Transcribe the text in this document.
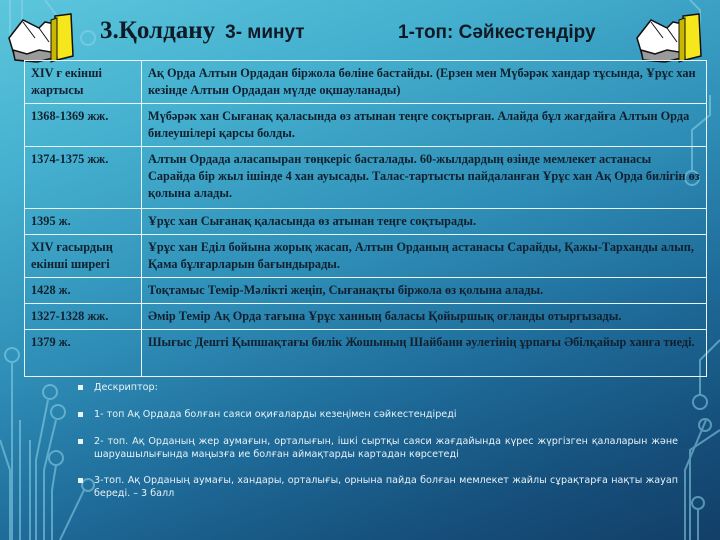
3.Қолдану 3- минут	1-топ: Сәйкестендіру
XIV ғ екінші жартысы	Ақ Орда Алтын Ордадан біржола бөліне бастайды. (Ерзен мен Мүбәрәк хандар тұсында, Ұрұс хан кезінде Алтын Ордадан мүлде оқшауланады)
1368-1369 жж.	Мүбәрәк хан Сығанақ қаласында өз атынан теңге соқтырған. Алайда бұл жағдайға Алтын Орда билеушілері қарсы болды.
1374-1375 жж.	Алтын Ордада аласапыран төңкеріс басталады. 60-жылдардың өзінде мемлекет астанасы Сарайда бір жыл ішінде 4 хан ауысады. Талас-тартысты пайдаланған Ұрұс хан Ақ Орда билігін өз қолына алады.
1395 ж.	Ұрұс хан Сығанақ қаласында өз атынан теңге соқтырады.
XIV ғасырдың екінші ширегі	Ұрұс хан Еділ бойына жорық жасап, Алтын Орданың астанасы Сарайды, Қажы-Тарханды алып, Қама бұлғарларын бағындырады.
1428 ж.	Тоқтамыс Темір-Мәлікті жеңіп, Сығанақты біржола өз қолына алады.
1327-1328 жж.	Әмір Темір Ақ Орда тағына Ұрұс ханның баласы Қойыршық оғланды отырғызады.
1379 ж.	Шығыс Дешті Қыпшақтағы билік Жошының Шайбани әулетінің ұрпағы Әбілқайыр ханға тиеді.
Дескриптор:
1- топ Ақ Ордада болған саяси оқиғаларды кезеңімен сәйкестендіреді
2- топ. Ақ Орданың жер аумағын, орталығын, ішкі сыртқы саяси жағдайында күрес жүргізген қалаларын және шаруашылығында маңызға ие болған аймақтарды картадан көрсетеді
3-топ. Ақ Орданың аумағы, хандары, орталығы, орнына пайда болған мемлекет жайлы сұрақтарға нақты жауап береді. – 3 балл
